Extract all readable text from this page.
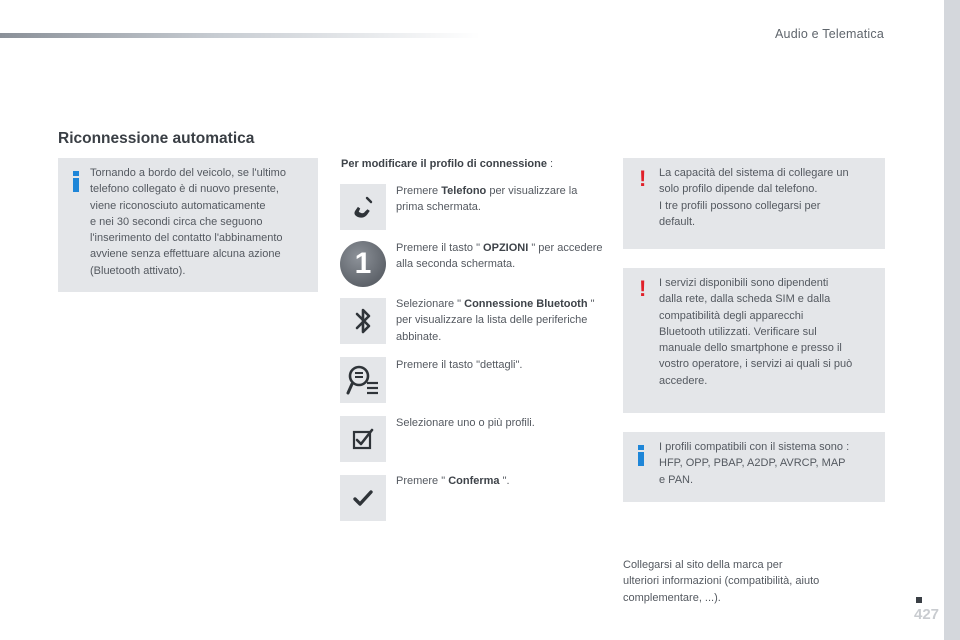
Audio e Telematica
Riconnessione automatica
Tornando a bordo del veicolo, se l'ultimo
telefono collegato è di nuovo presente,
viene riconosciuto automaticamente
e nei 30 secondi circa che seguono
l'inserimento del contatto l'abbinamento
avviene senza effettuare alcuna azione
(Bluetooth attivato).
Per modificare il profilo di connessione :
Premere Telefono per visualizzare la prima schermata.
1	Premere il tasto " OPZIONI " per accedere alla seconda schermata.
Selezionare " Connessione Bluetooth " per visualizzare la lista delle periferiche abbinate.
Premere il tasto "dettagli".
Selezionare uno o più profili.
Premere " Conferma ".
! La capacità del sistema di collegare un
solo profilo dipende dal telefono.
I tre profili possono collegarsi per
default.
! I servizi disponibili sono dipendenti
dalla rete, dalla scheda SIM e dalla
compatibilità degli apparecchi
Bluetooth utilizzati. Verificare sul
manuale dello smartphone e presso il
vostro operatore, i servizi ai quali si può
accedere.
I profili compatibili con il sistema sono :
HFP, OPP, PBAP, A2DP, AVRCP, MAP
e PAN.
Collegarsi al sito della marca per
ulteriori informazioni (compatibilità, aiuto
complementare, ...).
427
